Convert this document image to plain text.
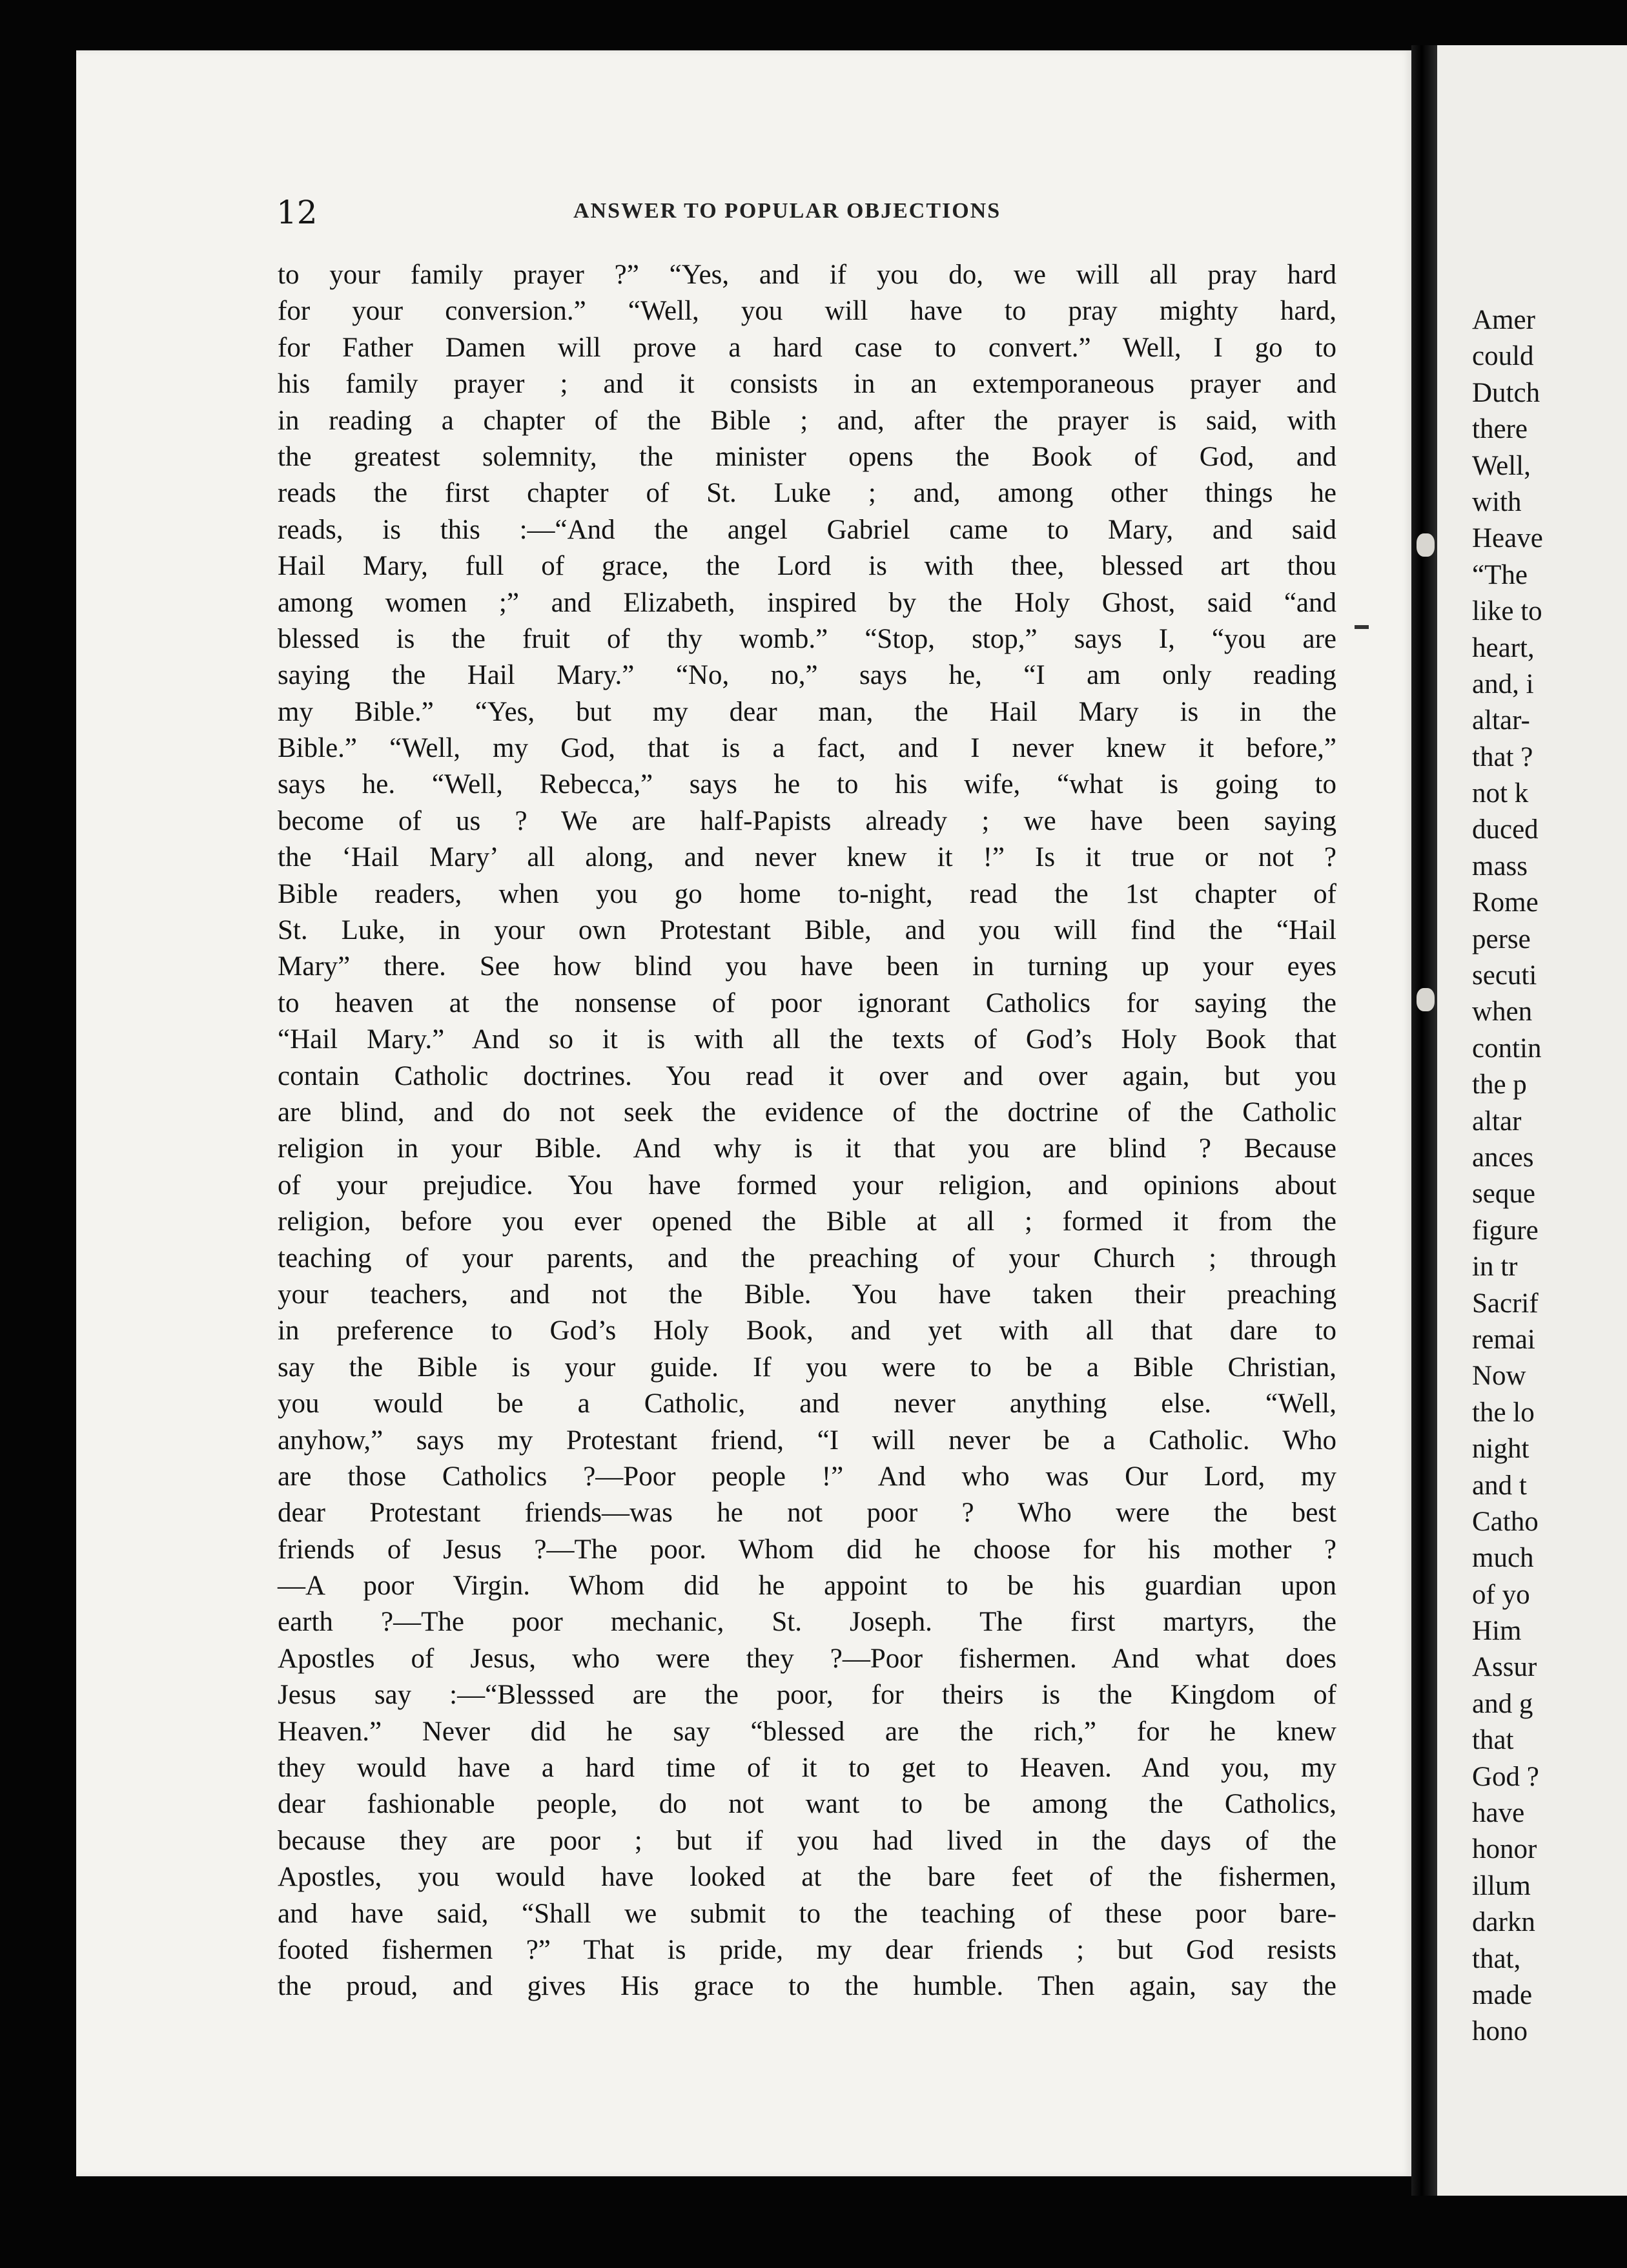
Amer
could
Dutch
there
Well,
with
Heave
“The
like to
heart,
and, i
altar-
that ?
not k
duced
mass
Rome
perse
secuti
when
contin
the p
altar
ances
seque
figure
in tr
Sacrif
remai
Now
the lo
night
and t
Catho
much
of yo
Him
Assur
and g
that
God ?
have
honor
illum
darkn
that,
made
hono
12	ANSWER TO POPULAR OBJECTIONS
to your family prayer ?” “Yes, and if you do, we will all pray hard
for your conversion.” “Well, you will have to pray mighty hard,
for Father Damen will prove a hard case to convert.” Well, I go to
his family prayer ; and it consists in an extemporaneous prayer and
in reading a chapter of the Bible ; and, after the prayer is said, with
the greatest solemnity, the minister opens the Book of God, and
reads the first chapter of St. Luke ; and, among other things he
reads, is this :—“And the angel Gabriel came to Mary, and said
Hail Mary, full of grace, the Lord is with thee, blessed art thou
among women ;” and Elizabeth, inspired by the Holy Ghost, said “and
blessed is the fruit of thy womb.” “Stop, stop,” says I, “you are
saying the Hail Mary.” “No, no,” says he, “I am only reading
my Bible.” “Yes, but my dear man, the Hail Mary is in the
Bible.” “Well, my God, that is a fact, and I never knew it before,”
says he. “Well, Rebecca,” says he to his wife, “what is going to
become of us ? We are half-Papists already ; we have been saying
the ‘Hail Mary’ all along, and never knew it !” Is it true or not ?
Bible readers, when you go home to-night, read the 1st chapter of
St. Luke, in your own Protestant Bible, and you will find the “Hail
Mary” there. See how blind you have been in turning up your eyes
to heaven at the nonsense of poor ignorant Catholics for saying the
“Hail Mary.” And so it is with all the texts of God’s Holy Book that
contain Catholic doctrines. You read it over and over again, but you
are blind, and do not seek the evidence of the doctrine of the Catholic
religion in your Bible. And why is it that you are blind ? Because
of your prejudice. You have formed your religion, and opinions about
religion, before you ever opened the Bible at all ; formed it from the
teaching of your parents, and the preaching of your Church ; through
your teachers, and not the Bible. You have taken their preaching
in preference to God’s Holy Book, and yet with all that dare to
say the Bible is your guide. If you were to be a Bible Christian,
you would be a Catholic, and never anything else. “Well,
anyhow,” says my Protestant friend, “I will never be a Catholic. Who
are those Catholics ?—Poor people !” And who was Our Lord, my
dear Protestant friends—was he not poor ? Who were the best
friends of Jesus ?—The poor. Whom did he choose for his mother ?
—A poor Virgin. Whom did he appoint to be his guardian upon
earth ?—The poor mechanic, St. Joseph. The first martyrs, the
Apostles of Jesus, who were they ?—Poor fishermen. And what does
Jesus say :—“Blesssed are the poor, for theirs is the Kingdom of
Heaven.” Never did he say “blessed are the rich,” for he knew
they would have a hard time of it to get to Heaven. And you, my
dear fashionable people, do not want to be among the Catholics,
because they are poor ; but if you had lived in the days of the
Apostles, you would have looked at the bare feet of the fishermen,
and have said, “Shall we submit to the teaching of these poor bare-
footed fishermen ?” That is pride, my dear friends ; but God resists
the proud, and gives His grace to the humble. Then again, say the
